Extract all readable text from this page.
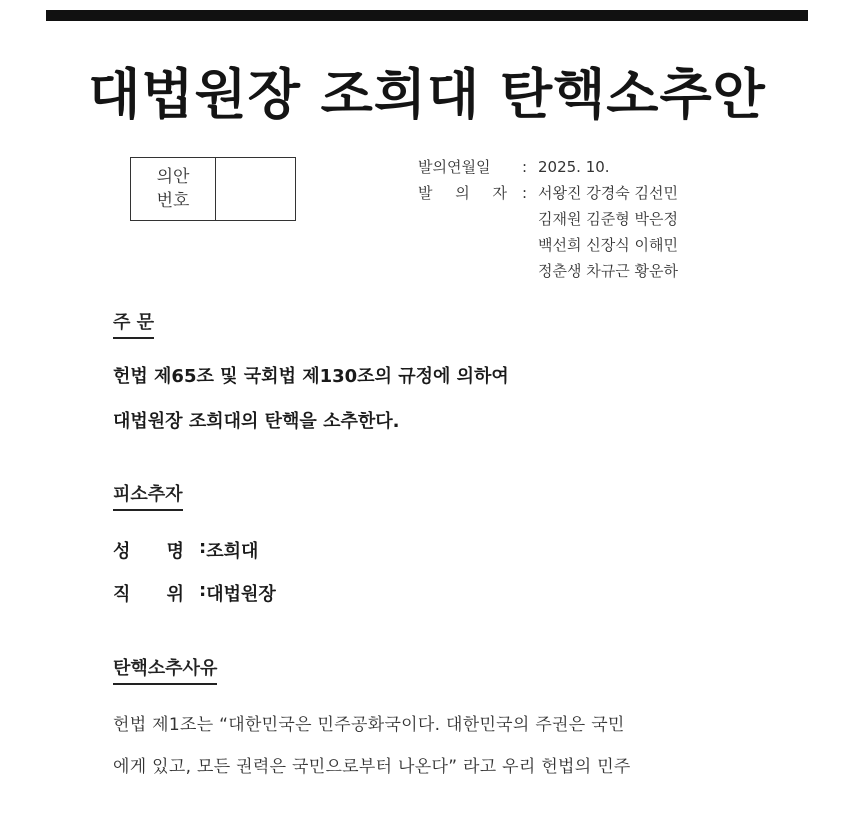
대법원장 조희대 탄핵소추안
의안
번호
발의연월일	: 2025. 10.
발 의 자 : 서왕진 강경숙 김선민
김재원 김준형 박은정
백선희 신장식 이해민
정춘생 차규근 황운하
주 문
헌법 제65조 및 국회법 제130조의 규정에 의하여
대법원장 조희대의 탄핵을 소추한다.
피소추자
성 명 : 조희대
직 위 : 대법원장
탄핵소추사유
헌법 제1조는 “대한민국은 민주공화국이다. 대한민국의 주권은 국민
에게 있고, 모든 권력은 국민으로부터 나온다” 라고 우리 헌법의 민주
